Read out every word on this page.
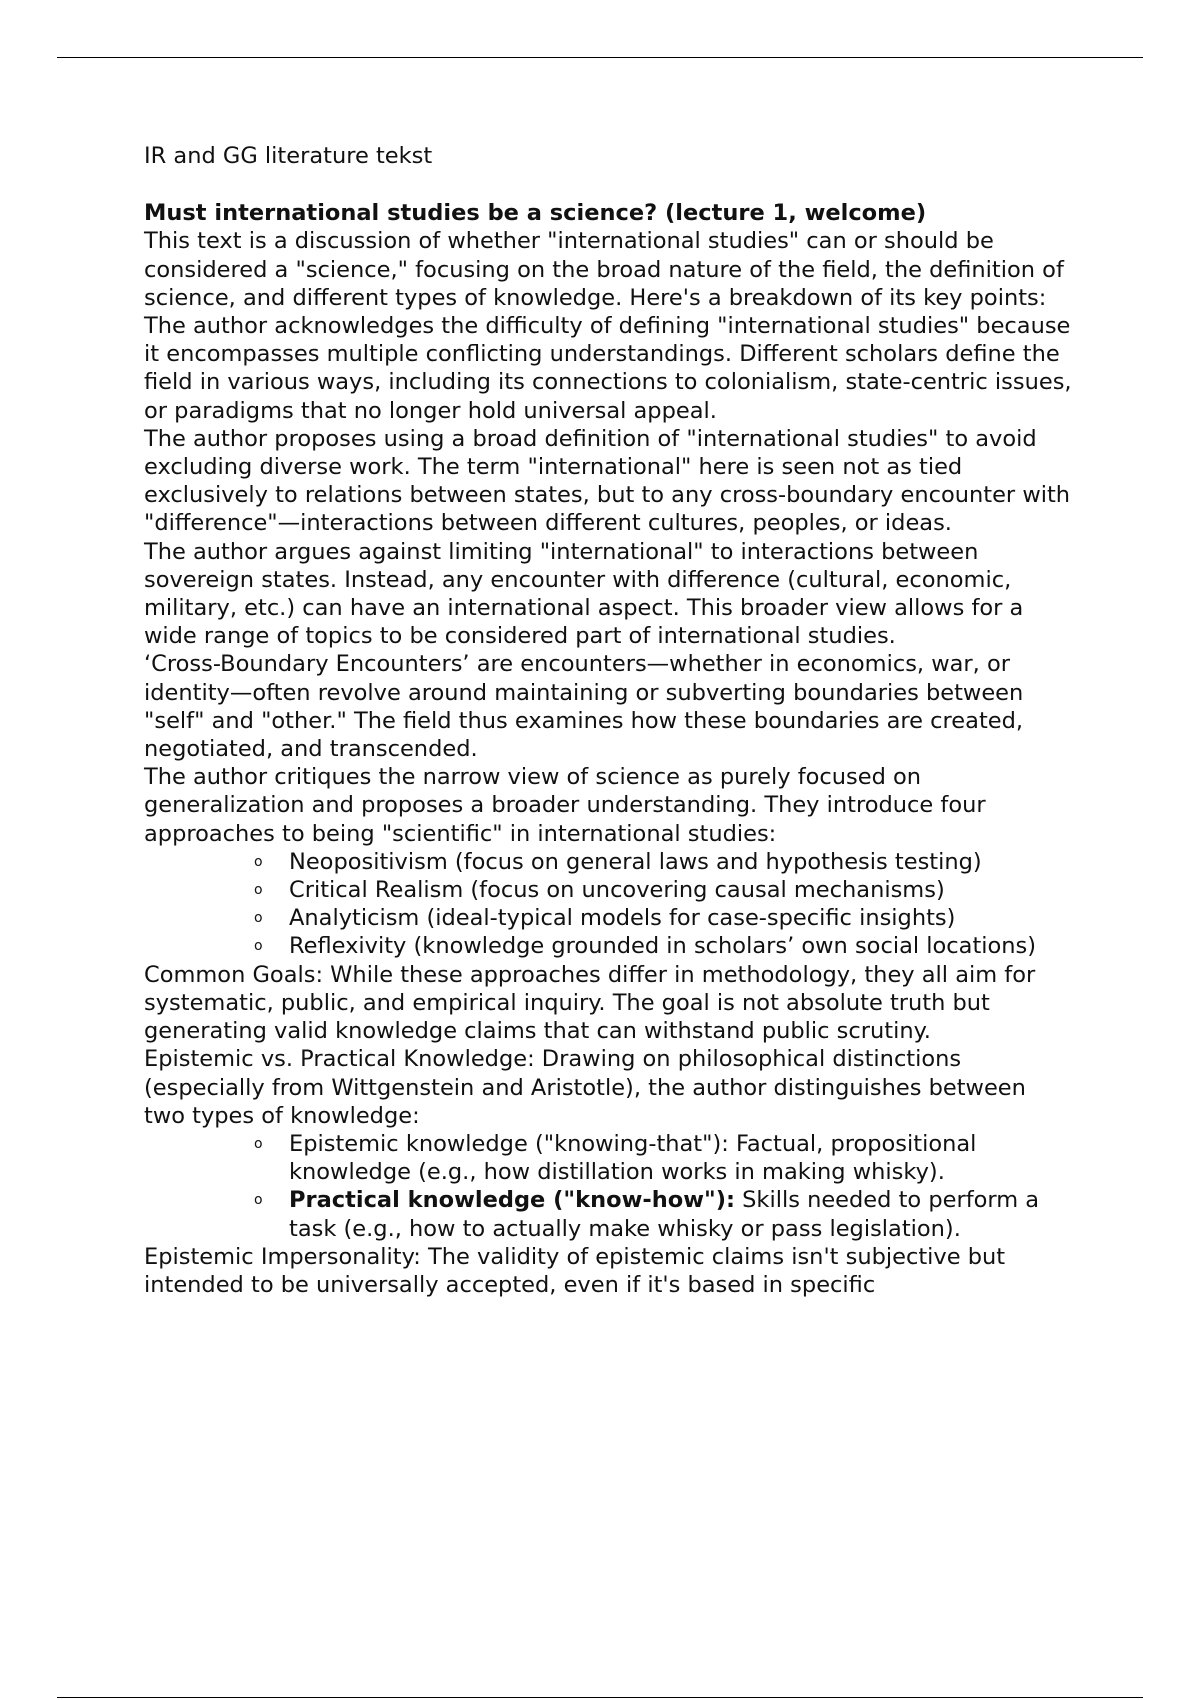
IR and GG literature tekst

Must international studies be a science? (lecture 1, welcome)

This text is a discussion of whether "international studies" can or should be considered a "science," focusing on the broad nature of the field, the definition of science, and different types of knowledge. Here's a breakdown of its key points:

The author acknowledges the difficulty of defining "international studies" because it encompasses multiple conflicting understandings. Different scholars define the field in various ways, including its connections to colonialism, state-centric issues, or paradigms that no longer hold universal appeal.

The author proposes using a broad definition of "international studies" to avoid excluding diverse work. The term "international" here is seen not as tied exclusively to relations between states, but to any cross-boundary encounter with "difference"—interactions between different cultures, peoples, or ideas.

The author argues against limiting "international" to interactions between sovereign states. Instead, any encounter with difference (cultural, economic, military, etc.) can have an international aspect. This broader view allows for a wide range of topics to be considered part of international studies.

‘Cross-Boundary Encounters’ are encounters—whether in economics, war, or identity—often revolve around maintaining or subverting boundaries between "self" and "other." The field thus examines how these boundaries are created, negotiated, and transcended.

The author critiques the narrow view of science as purely focused on generalization and proposes a broader understanding. They introduce four approaches to being "scientific" in international studies:

o Neopositivism (focus on general laws and hypothesis testing)
o Critical Realism (focus on uncovering causal mechanisms)
o Analyticism (ideal-typical models for case-specific insights)
o Reflexivity (knowledge grounded in scholars’ own social locations)

Common Goals: While these approaches differ in methodology, they all aim for systematic, public, and empirical inquiry. The goal is not absolute truth but generating valid knowledge claims that can withstand public scrutiny.

Epistemic vs. Practical Knowledge: Drawing on philosophical distinctions (especially from Wittgenstein and Aristotle), the author distinguishes between two types of knowledge:

o Epistemic knowledge ("knowing-that"): Factual, propositional knowledge (e.g., how distillation works in making whisky).
o Practical knowledge ("know-how"): Skills needed to perform a task (e.g., how to actually make whisky or pass legislation).

Epistemic Impersonality: The validity of epistemic claims isn't subjective but intended to be universally accepted, even if it's based in specific
